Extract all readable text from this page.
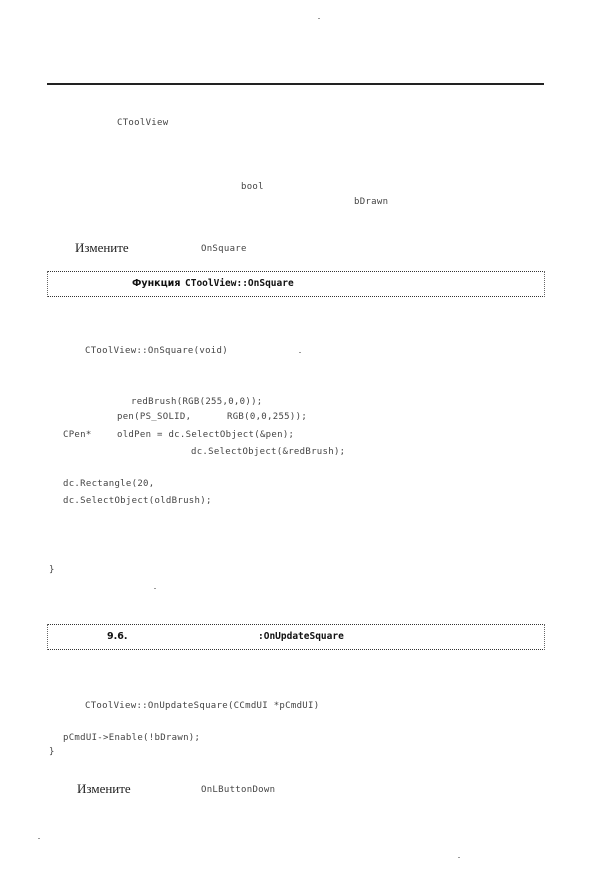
CToolView
bool
bDrawn
Измените	OnSquare
Функция CToolView::OnSquare
CToolView::OnSquare(void)
redBrush(RGB(255,0,0));
pen(PS_SOLID,	RGB(0,0,255));
CPen*	oldPen = dc.SelectObject(&pen);
dc.SelectObject(&redBrush);
dc.Rectangle(20,
dc.SelectObject(oldBrush);
}
9.6.	:OnUpdateSquare
CToolView::OnUpdateSquare(CCmdUI *pCmdUI)
pCmdUI->Enable(!bDrawn);
}
Измените	OnLButtonDown
